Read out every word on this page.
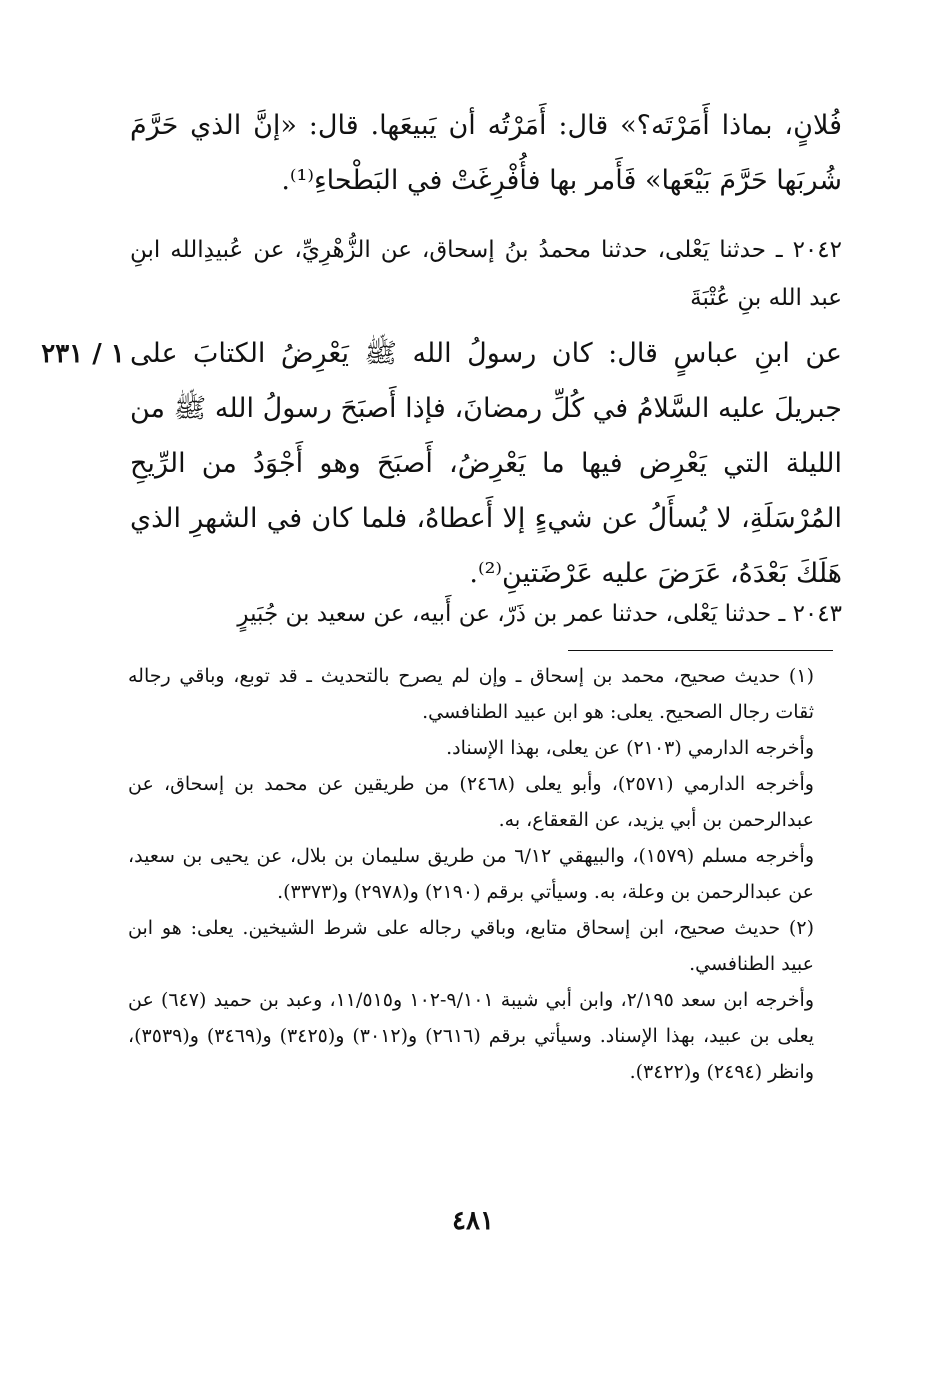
فُلانٍ، بماذا أَمَرْتَه؟» قال: أَمَرْتُه أن يَبيعَها. قال: «إنَّ الذي حَرَّمَ شُربَها حَرَّمَ بَيْعَها» فَأَمر بها فأُفْرِغَتْ في البَطْحاءِ⁽¹⁾.
٢٠٤٢ ـ حدثنا يَعْلى، حدثنا محمدُ بنُ إسحاق، عن الزُّهْرِيِّ، عن عُبيدِالله ابنِ عبد الله بنِ عُتْبَةَ
١ / ٢٣١ عن ابنِ عباسٍ قال: كان رسولُ الله ﷺ يَعْرِضُ الكتابَ على جبريلَ عليه السَّلامُ في كُلِّ رمضانَ، فإذا أَصبَحَ رسولُ الله ﷺ من الليلة التي يَعْرِض فيها ما يَعْرِضُ، أَصبَحَ وهو أَجْوَدُ من الرِّيحِ المُرْسَلَةِ، لا يُسأَلُ عن شيءٍ إلا أَعطاهُ، فلما كان في الشهرِ الذي هَلَكَ بَعْدَهُ، عَرَضَ عليه عَرْضَتينِ⁽²⁾.
٢٠٤٣ ـ حدثنا يَعْلى، حدثنا عمر بن ذَرّ، عن أَبيه، عن سعيد بن جُبَيرٍ

(١) حديث صحيح، محمد بن إسحاق ـ وإن لم يصرح بالتحديث ـ قد توبع، وباقي رجاله ثقات رجال الصحيح. يعلى: هو ابن عبيد الطنافسي.

وأخرجه الدارمي (٢١٠٣) عن يعلى، بهذا الإسناد.

وأخرجه الدارمي (٢٥٧١)، وأبو يعلى (٢٤٦٨) من طريقين عن محمد بن إسحاق، عن عبدالرحمن بن أبي يزيد، عن القعقاع، به.

وأخرجه مسلم (١٥٧٩)، والبيهقي ٦/١٢ من طريق سليمان بن بلال، عن يحيى بن سعيد، عن عبدالرحمن بن وعلة، به. وسيأتي برقم (٢١٩٠) و(٢٩٧٨) و(٣٣٧٣).

(٢) حديث صحيح، ابن إسحاق متابع، وباقي رجاله على شرط الشيخين. يعلى: هو ابن عبيد الطنافسي.

وأخرجه ابن سعد ٢/١٩٥، وابن أبي شيبة ٩/١٠١-١٠٢ و١١/٥١٥، وعبد بن حميد (٦٤٧) عن يعلى بن عبيد، بهذا الإسناد. وسيأتي برقم (٢٦١٦) و(٣٠١٢) و(٣٤٢٥) و(٣٤٦٩) و(٣٥٣٩)، وانظر (٢٤٩٤) و(٣٤٢٢).

٤٨١
